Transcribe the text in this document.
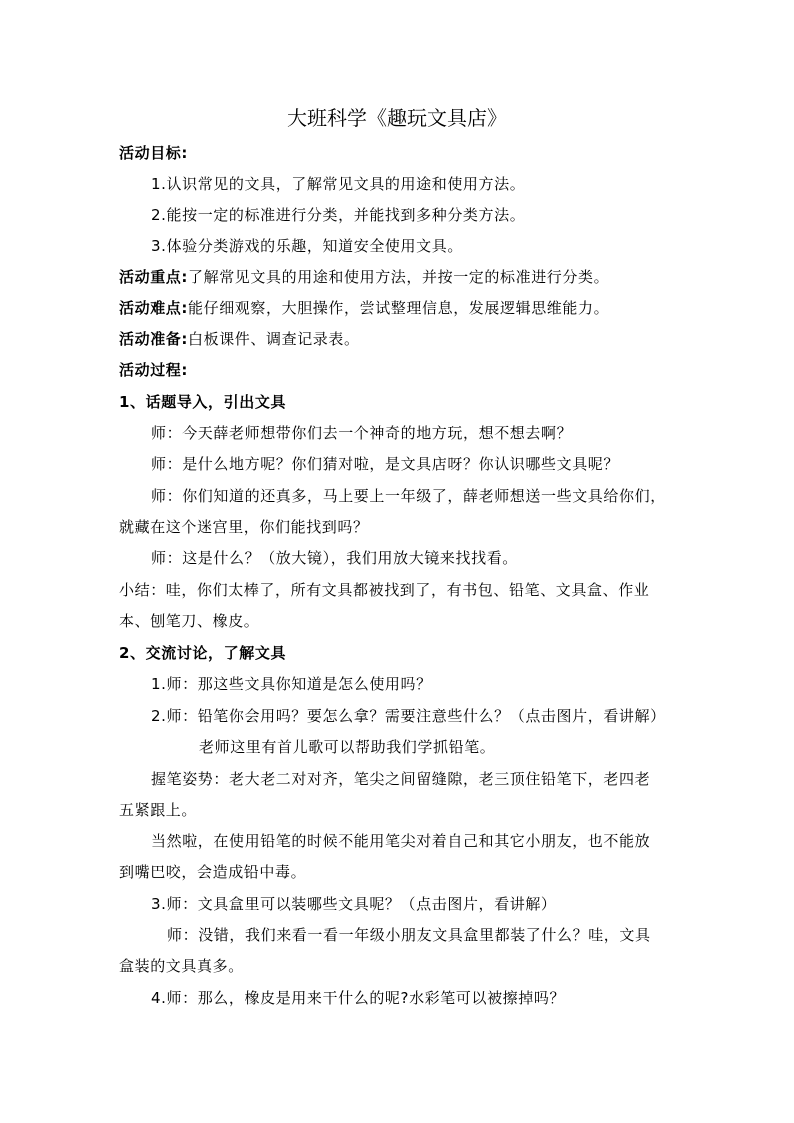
大班科学《趣玩文具店》
活动目标:
1.认识常见的文具，了解常见文具的用途和使用方法。
2.能按一定的标准进行分类，并能找到多种分类方法。
3.体验分类游戏的乐趣，知道安全使用文具。
活动重点:了解常见文具的用途和使用方法，并按一定的标准进行分类。
活动难点:能仔细观察，大胆操作，尝试整理信息，发展逻辑思维能力。
活动准备:白板课件、调查记录表。
活动过程:
1、话题导入，引出文具
师：今天薛老师想带你们去一个神奇的地方玩，想不想去啊？
师：是什么地方呢？你们猜对啦，是文具店呀？你认识哪些文具呢？
师：你们知道的还真多，马上要上一年级了，薛老师想送一些文具给你们，
就藏在这个迷宫里，你们能找到吗？
师：这是什么？（放大镜），我们用放大镜来找找看。
小结：哇，你们太棒了，所有文具都被找到了，有书包、铅笔、文具盒、作业
本、刨笔刀、橡皮。
2、交流讨论，了解文具
1.师：那这些文具你知道是怎么使用吗？
2.师：铅笔你会用吗？要怎么拿？需要注意些什么？（点击图片，看讲解）
老师这里有首儿歌可以帮助我们学抓铅笔。
握笔姿势：老大老二对对齐，笔尖之间留缝隙，老三顶住铅笔下，老四老
五紧跟上。
当然啦，在使用铅笔的时候不能用笔尖对着自己和其它小朋友，也不能放
到嘴巴咬，会造成铅中毒。
3.师：文具盒里可以装哪些文具呢？（点击图片，看讲解）
师：没错，我们来看一看一年级小朋友文具盒里都装了什么？哇，文具
盒装的文具真多。
4.师：那么，橡皮是用来干什么的呢?水彩笔可以被擦掉吗？
